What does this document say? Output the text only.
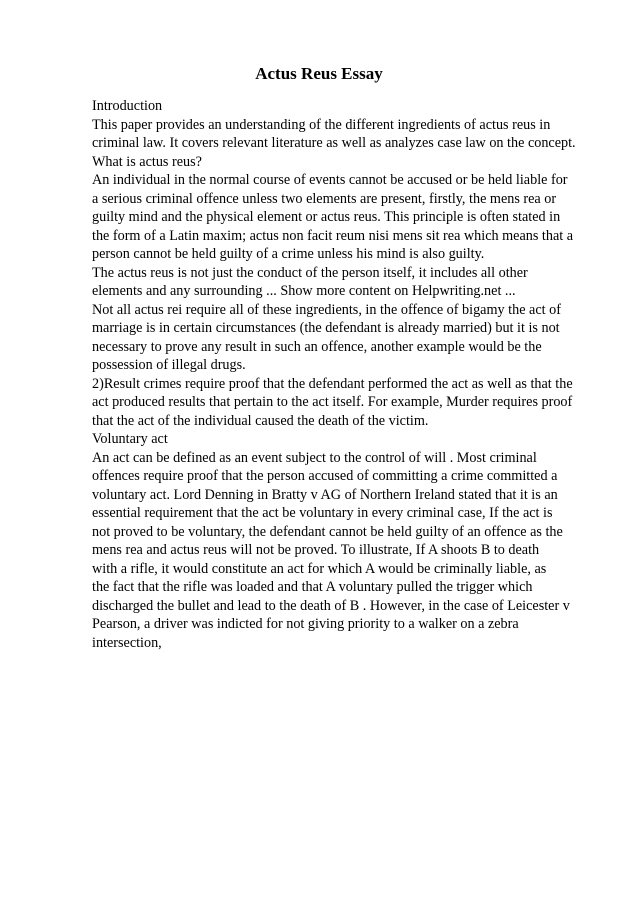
Actus Reus Essay
Introduction
This paper provides an understanding of the different ingredients of actus reus in
criminal law. It covers relevant literature as well as analyzes case law on the concept.
What is actus reus?
An individual in the normal course of events cannot be accused or be held liable for
a serious criminal offence unless two elements are present, firstly, the mens rea or
guilty mind and the physical element or actus reus. This principle is often stated in
the form of a Latin maxim; actus non facit reum nisi mens sit rea which means that a
person cannot be held guilty of a crime unless his mind is also guilty.
The actus reus is not just the conduct of the person itself, it includes all other
elements and any surrounding ... Show more content on Helpwriting.net ...
Not all actus rei require all of these ingredients, in the offence of bigamy the act of
marriage is in certain circumstances (the defendant is already married) but it is not
necessary to prove any result in such an offence, another example would be the
possession of illegal drugs.
2)Result crimes require proof that the defendant performed the act as well as that the
act produced results that pertain to the act itself. For example, Murder requires proof
that the act of the individual caused the death of the victim.
Voluntary act
An act can be defined as an event subject to the control of will . Most criminal
offences require proof that the person accused of committing a crime committed a
voluntary act. Lord Denning in Bratty v AG of Northern Ireland stated that it is an
essential requirement that the act be voluntary in every criminal case, If the act is
not proved to be voluntary, the defendant cannot be held guilty of an offence as the
mens rea and actus reus will not be proved. To illustrate, If A shoots B to death
with a rifle, it would constitute an act for which A would be criminally liable, as
the fact that the rifle was loaded and that A voluntary pulled the trigger which
discharged the bullet and lead to the death of B . However, in the case of Leicester v
Pearson, a driver was indicted for not giving priority to a walker on a zebra
intersection,
